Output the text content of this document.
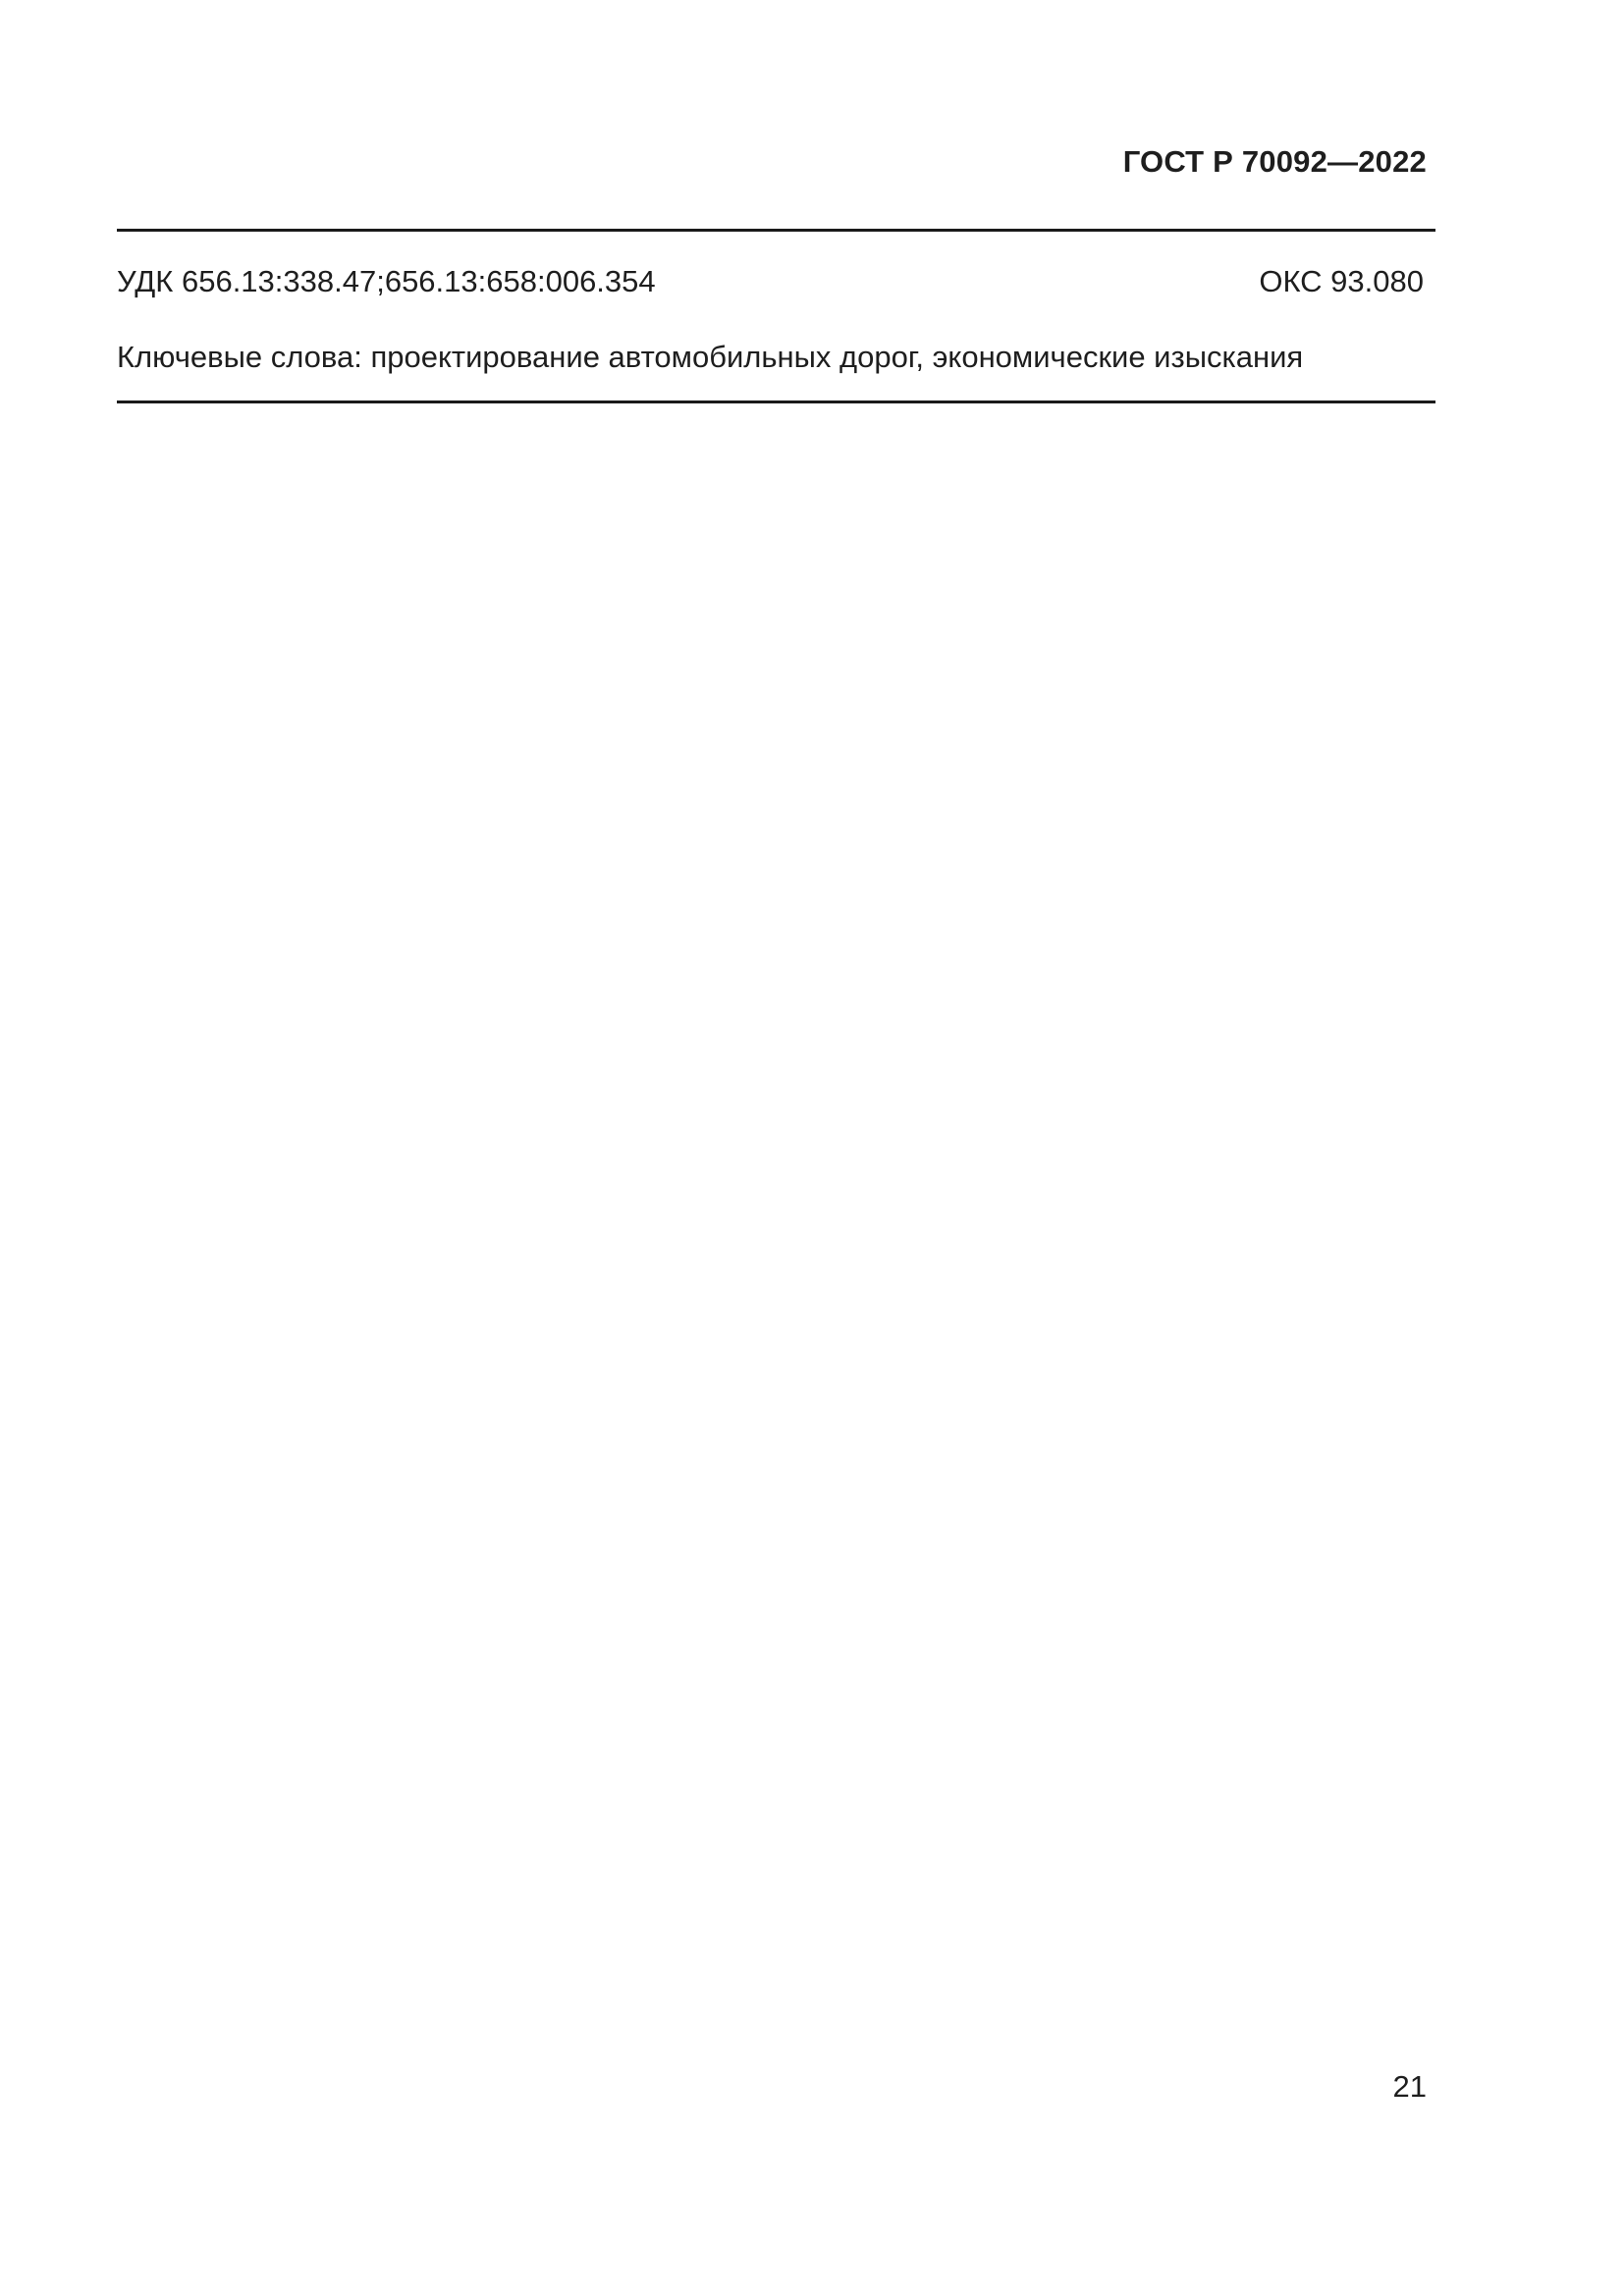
ГОСТ Р 70092—2022
УДК 656.13:338.47;656.13:658:006.354	ОКС 93.080

Ключевые слова: проектирование автомобильных дорог, экономические изыскания

21
